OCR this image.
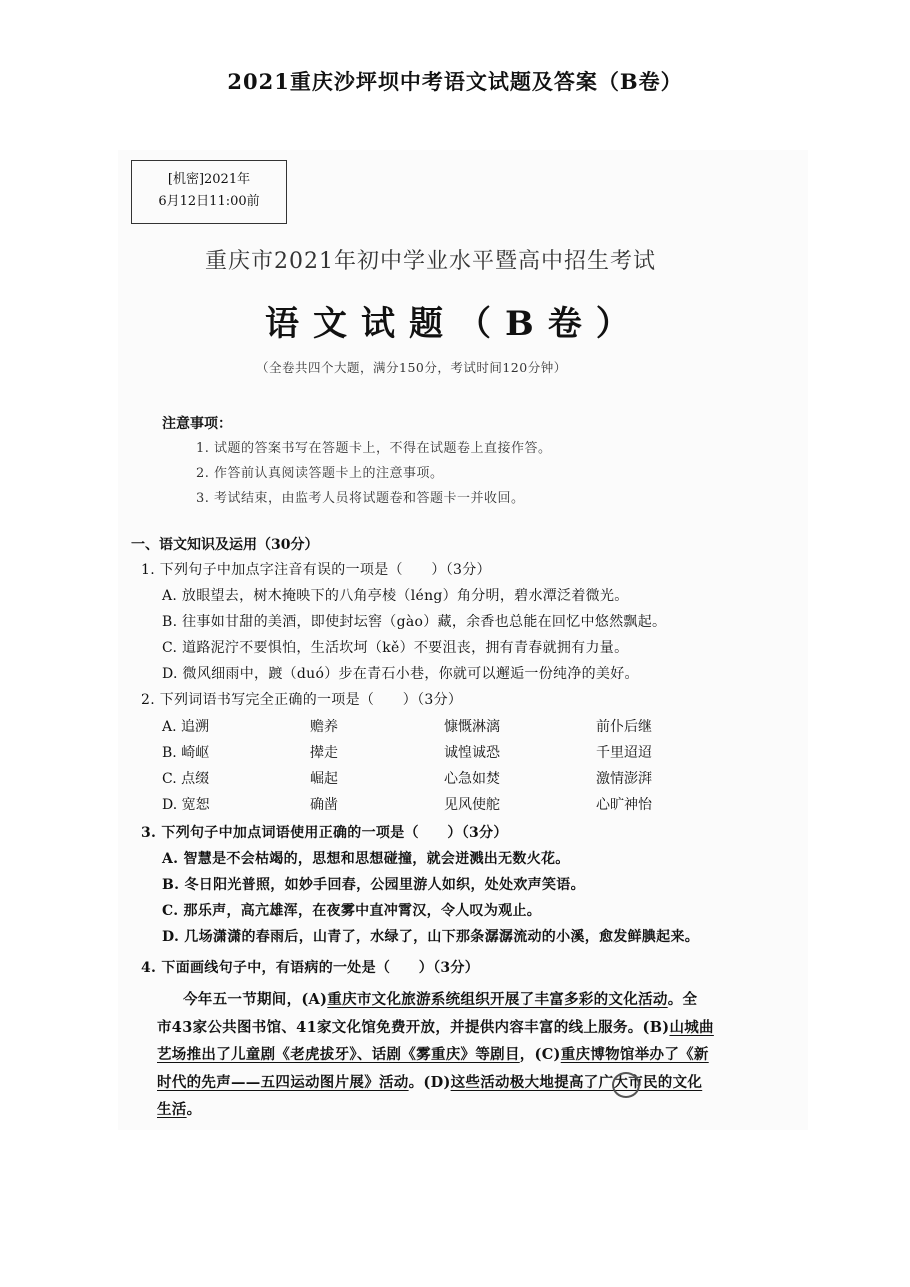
2021重庆沙坪坝中考语文试题及答案（B卷）
[机密]2021年
6月12日11:00前
重庆市2021年初中学业水平暨高中招生考试
语文试题（B卷）
（全卷共四个大题，满分150分，考试时间120分钟）
注意事项：
1. 试题的答案书写在答题卡上，不得在试题卷上直接作答。
2. 作答前认真阅读答题卡上的注意事项。
3. 考试结束，由监考人员将试题卷和答题卡一并收回。
一、语文知识及运用（30分）
1. 下列句子中加点字注音有误的一项是（　　）（3分）
A. 放眼望去，树木掩映下的八角亭棱（léng）角分明，碧水潭泛着微光。
B. 往事如甘甜的美酒，即使封坛窖（gào）藏，余香也总能在回忆中悠然飘起。
C. 道路泥泞不要惧怕，生活坎坷（kě）不要沮丧，拥有青春就拥有力量。
D. 微风细雨中，踱（duó）步在青石小巷，你就可以邂逅一份纯净的美好。
2. 下列词语书写完全正确的一项是（　　）（3分）
A. 追溯	赡养	慷慨淋漓	前仆后继
B. 崎岖	撵走	诚惶诚恐	千里迢迢
C. 点缀	崛起	心急如焚	激情澎湃
D. 宽恕	确凿	见风使舵	心旷神怡
3. 下列句子中加点词语使用正确的一项是（　　）（3分）
A. 智慧是不会枯竭的，思想和思想碰撞，就会迸溅出无数火花。
B. 冬日阳光普照，如妙手回春，公园里游人如织，处处欢声笑语。
C. 那乐声，高亢雄浑，在夜雾中直冲霄汉，令人叹为观止。
D. 几场潇潇的春雨后，山青了，水绿了，山下那条潺潺流动的小溪，愈发鲜腆起来。
4. 下面画线句子中，有语病的一处是（　　）（3分）
今年五一节期间，(A)重庆市文化旅游系统组织开展了丰富多彩的文化活动。全
市43家公共图书馆、41家文化馆免费开放，并提供内容丰富的线上服务。(B)山城曲
艺场推出了儿童剧《老虎拔牙》、话剧《雾重庆》等剧目，(C)重庆博物馆举办了《新
时代的先声——五四运动图片展》活动。(D)这些活动极大地提高了广大市民的文化
生活。
